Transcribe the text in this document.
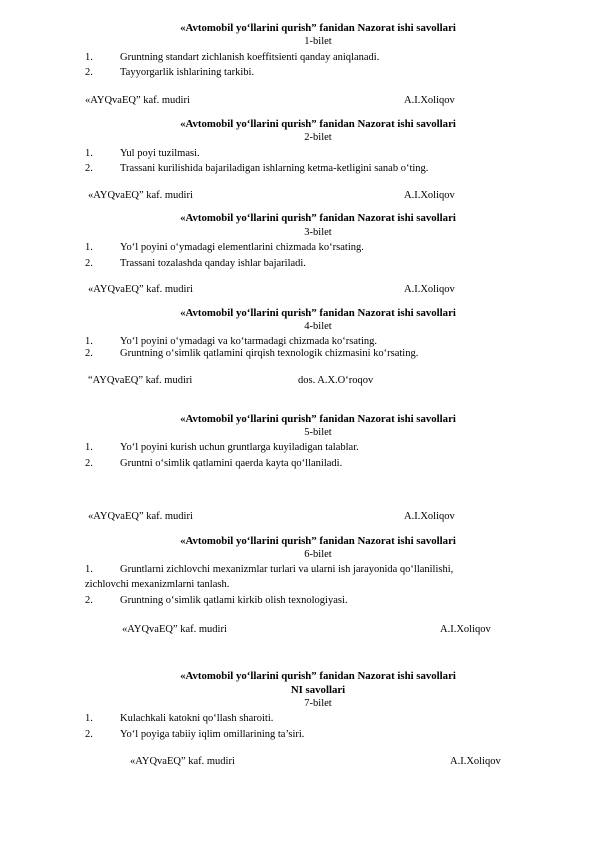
«Avtomobil yo‘llarini qurish” fanidan Nazorat ishi savollari
1-bilet
1.	Gruntning standart zichlanish koeffitsienti qanday aniqlanadi.
2.	Tayyorgarlik ishlarining tarkibi.
«AYQvaEQ” kaf. mudiri	A.I.Xoliqov
«Avtomobil yo‘llarini qurish” fanidan Nazorat ishi savollari
2-bilet
1.	Yul poyi tuzilmasi.
2.	Trassani kurilishida bajariladigan ishlarning ketma-ketligini sanab o‘ting.
«AYQvaEQ” kaf. mudiri	A.I.Xoliqov
«Avtomobil yo‘llarini qurish” fanidan Nazorat ishi savollari
3-bilet
1.	Yo‘l poyini o‘ymadagi elementlarini chizmada ko‘rsating.
2.	Trassani tozalashda qanday ishlar bajariladi.
«AYQvaEQ” kaf. mudiri	A.I.Xoliqov
«Avtomobil yo‘llarini qurish” fanidan Nazorat ishi savollari
4-bilet
1.	Yo‘l poyini o‘ymadagi va ko‘tarmadagi chizmada ko‘rsating.
2.	Gruntning o‘simlik qatlamini qirqish texnologik chizmasini ko‘rsating.
“AYQvaEQ” kaf. mudiri	dos. A.X.O‘roqov
«Avtomobil yo‘llarini qurish” fanidan Nazorat ishi savollari
5-bilet
1.	Yo‘l poyini kurish uchun gruntlarga kuyiladigan talablar.
2.	Gruntni o‘simlik qatlamini qaerda kayta qo‘llaniladi.
«AYQvaEQ” kaf. mudiri	A.I.Xoliqov
«Avtomobil yo‘llarini qurish” fanidan Nazorat ishi savollari
6-bilet
1.	Gruntlarni zichlovchi mexanizmlar turlari va ularni ish jarayonida qo‘llanilishi,
zichlovchi mexanizmlarni tanlash.
2.	Gruntning o‘simlik qatlami kirkib olish texnologiyasi.
«AYQvaEQ” kaf. mudiri	A.I.Xoliqov
«Avtomobil yo‘llarini qurish” fanidan Nazorat ishi savollari
NI savollari
7-bilet
1.	Kulachkali katokni qo‘llash sharoiti.
2.	Yo‘l poyiga tabiiy iqlim omillarining ta’siri.
«AYQvaEQ” kaf. mudiri	A.I.Xoliqov
